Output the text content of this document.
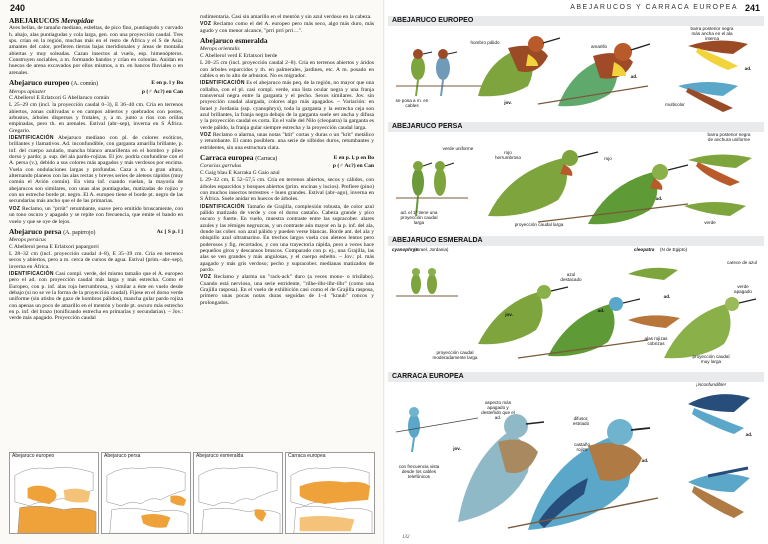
240
ABEJARUCOS Meropidae

Aves bellas, de tamaño mediano, esbeltas, de pico fino, puntiagudo y curvado h. abajo, alas puntiagudas y cola larga, gen. con una proyección caudal. Tres sps. crían en la región, muchas más en el resto de África y el S de Asia; amantes del calor, prefieren tierras bajas meridionales y áreas de montaña abiertas y muy soleadas. Cazan insectos al vuelo, esp. himenópteros. Construyen sociables, a m. formando bandos y crían en colonias. Anidan en huecos de arena excavados por ellos mismos, a m. en bancos fluviales o en arenales.

E en p. l y Bo
Abejaruco europeo (A. común)
p (♂ Ac?) en Can
Merops apiaster

C Abellerol E Erlatxori G Abellaruco común

L 25–29 cm (incl. la proyección caudal 0–3), E 36–40 cm. Cría en terrenos abiertos, zonas cultivadas o en campos abiertos y quebrados con postes, arbustos, árboles dispersos y frutales, y, a m. junto a ríos con orillas empinadas, pero th. en arenales. Estival (abr–sep), inverna en S África. Gregario.

IDENTIFICACIÓN Abejaruco mediano con pl. de colores exóticos, brillantes y llamativos. Ad. inconfundible, con garganta amarilla brillante, p. inf. del cuerpo azulado, mancha blanco amarillenta en el hombro y píleo dorso y pardo; p. sup. del ala pardo-rojizas. El jov. podría confundirse con el A. persa (v.), debido a sus colores más apagados y más verdosos por encima. Vuela con ondulaciones largas y profundas. Caza a m. a gran altura, alternando planeos con las alas rectas y breves series de aleteos rápidos (muy común el Avión común). En vista inf. cuando vuelan, la mayoría de abejarucos son similares, con unas alas puntiagudas, matizadas de rojizo y con un estrecho borde pt. negro. El A. europeo tiene el borde pt. negro de las secundarias más ancho que el de las primarias.

VOZ Reclamo, un "prrüt" retumbante, suave pero emitido bruscamente, con un tono oscuro y apagado y se repite con frecuencia, que emite el bando en vuelo y que se oye de lejos.

Ac [ S p. l ]
Abejaruco persa (A. papirrojo)
Merops persicus

C Abellerol persa E Erlatxori papargorri

L 28–32 cm (incl. proyección caudal 4–8), E 35–39 cm. Cría en terrenos secos y abiertos, pero a m. cerca de cursos de agua. Estival (prim.–abr–sep), inverna en África.

IDENTIFICACIÓN Casi compl. verde, del mismo tamaño que el A. europeo pero el ad. con proyección caudal más larga y más estrecha. Como el Europeo, con p. inf. alas roja herrumbrosa, y similar a éste en vuelo desde debajo (si no se ve la forma de la proyección caudal). Fíjese en el dorso verde uniforme (sin atisbo de gazo de hombros pálidos), mancha gular pardo rojiza con apenas un poco de amarillo en el mentón y borde pt. oscuro más estrecho en p. inf. del brazo (tonificando estrecha en primarias y secundarias). – Jov.: verde más apagado. Proyección caudal

rudimentaria. Casi sin amarillo en el mentón y sin azul verdoso en la cabeza.

VOZ Reclamo como el del A. europeo pero más seco, algo más duro, más agudo y con menor alcance, "prri prri prri…".

Abejaruco esmeralda
Merops orientalis

C Abellerol verd E Erlatxori berde

L 20–25 cm (incl. proyección caudal 2–8). Cría en terrenos abiertos y áridos con árboles esparcidos y th. en palmerales, jardines, etc. A m. posado en cables o en lo alto de arbustos. No es migrador.

IDENTIFICACIÓN Es el abejaruco más peq. de la región, no mayor que una collalba, con el pl. casi compl. verde, una lista ocular negra y una franja transversal negra entre la garganta y el pecho. Sexos similares. Jov. sin proyección caudal alargada, colores algo más apagados. – Variación: en Israel y Jordania (ssp. cyanophrys), toda la garganta y la estrecha ceja son azul brillantes, la franja negra debajo de la garganta suele ser ancha y difusa y la proyección caudal es corta. En el valle del Nilo (cleopatra) la garganta es verde pálido, la franja gular siempre estrecha y la proyección caudal larga.

VOZ Reclamo o alarma, unas notas "ktit" cortas y duras o un "krit" metálico y retumbante. El canto posiblem. una serie de silbidos duros, retumbantes y estridentes, sin una estructura clara.

E en p. l, p en Bo
Carraca europea (Carraca)
p (♂ Ac?) en Can
Coracias garrulus

C Gaig blau E Karraka G Gaio azul

L 29–32 cm, E 52–57,5 cm. Cría en terrenos abiertos, secos y cálidos, con árboles esparcidos y bosques abiertos (prim. encinas y lucios). Prefiere (pino) con muchos insectos terrestres + buen grandes. Estival (abr–ago), inverna en S África. Suele anidar en huecos de árboles.

IDENTIFICACIÓN Tamaño de Grajilla, complexión robusta, de color azul pálido matizado de verde y con el dorso castaño. Cabeza grande y pico oscuro y fuerte. En vuelo, muestra contraste entre las supracober. alares azules y las rémiges negruzcas, y un contraste aún mayor en la p. inf. del ala, donde las cober. son azul pálido y pueden verse blancas. Borde ant. del ala y obispillo azul ultramarino. En trechos largos vuela con aleteos lentos pero poderosos y fig. recortados, y con una trayectoria rápida, pero a veces hace pequeños giros y descansos bruscos. Comparado con p. ej., una Grajilla, las alas se ven grandes y más angulosas, y el cuerpo esbelto. – Jov.: pl. más apagado y más gris verdoso; pecho y supracober. medianas matizados de pardo.

VOZ Reclamo y alarma un "rack-ack" duro (a veces mono- o trisílabo). Cuando está nervioso, una serie estridente, "rilhe-ilhr-ilhr-ilhr" (como una Grajilla rasposa). En el vuelo de exhibición casi como el de Grajilla rasposa, primero unas pocas notas duras seguidas de 1–4 "krauh" roncos y prolongados.

Abejaruco europeo	Abejaruco persa	Abejaruco esmeralda	Carraca europea
ABEJARUCOS Y CARRACA EUROPEA 241
ABEJARUCO EUROPEO
hombro pálido
amarillo
se posa a m. en cables
jov.
ad.
multicolor
barra posterior negra más ancha en el ala interna
ad.
ABEJARUCO PERSA
verde uniforme
rojo herrumbroso	rojo
ad. el 1ª tiene una proyección caudal larga	proyección caudal larga
ad.
barra posterior negra de anchura uniforme
verde
ABEJARUCO ESMERALDA
cyanophrys
(Israel, Jordania)	cleopatra	(N de Egipto)
jov.
azul destacado
ad.
proyección caudal moderadamente larga
ad.
alas rojizas cobrizas
carece de azul
verde apagado
proyección caudal muy larga
CARRACA EUROPEA
aspecto más apagado y desteñido que el ad.
jov.
con frecuencia vista desde los cables telefónicos
difusor, estriado
castaño rojizo
ad.
ad.
¡inconfundible!
132
